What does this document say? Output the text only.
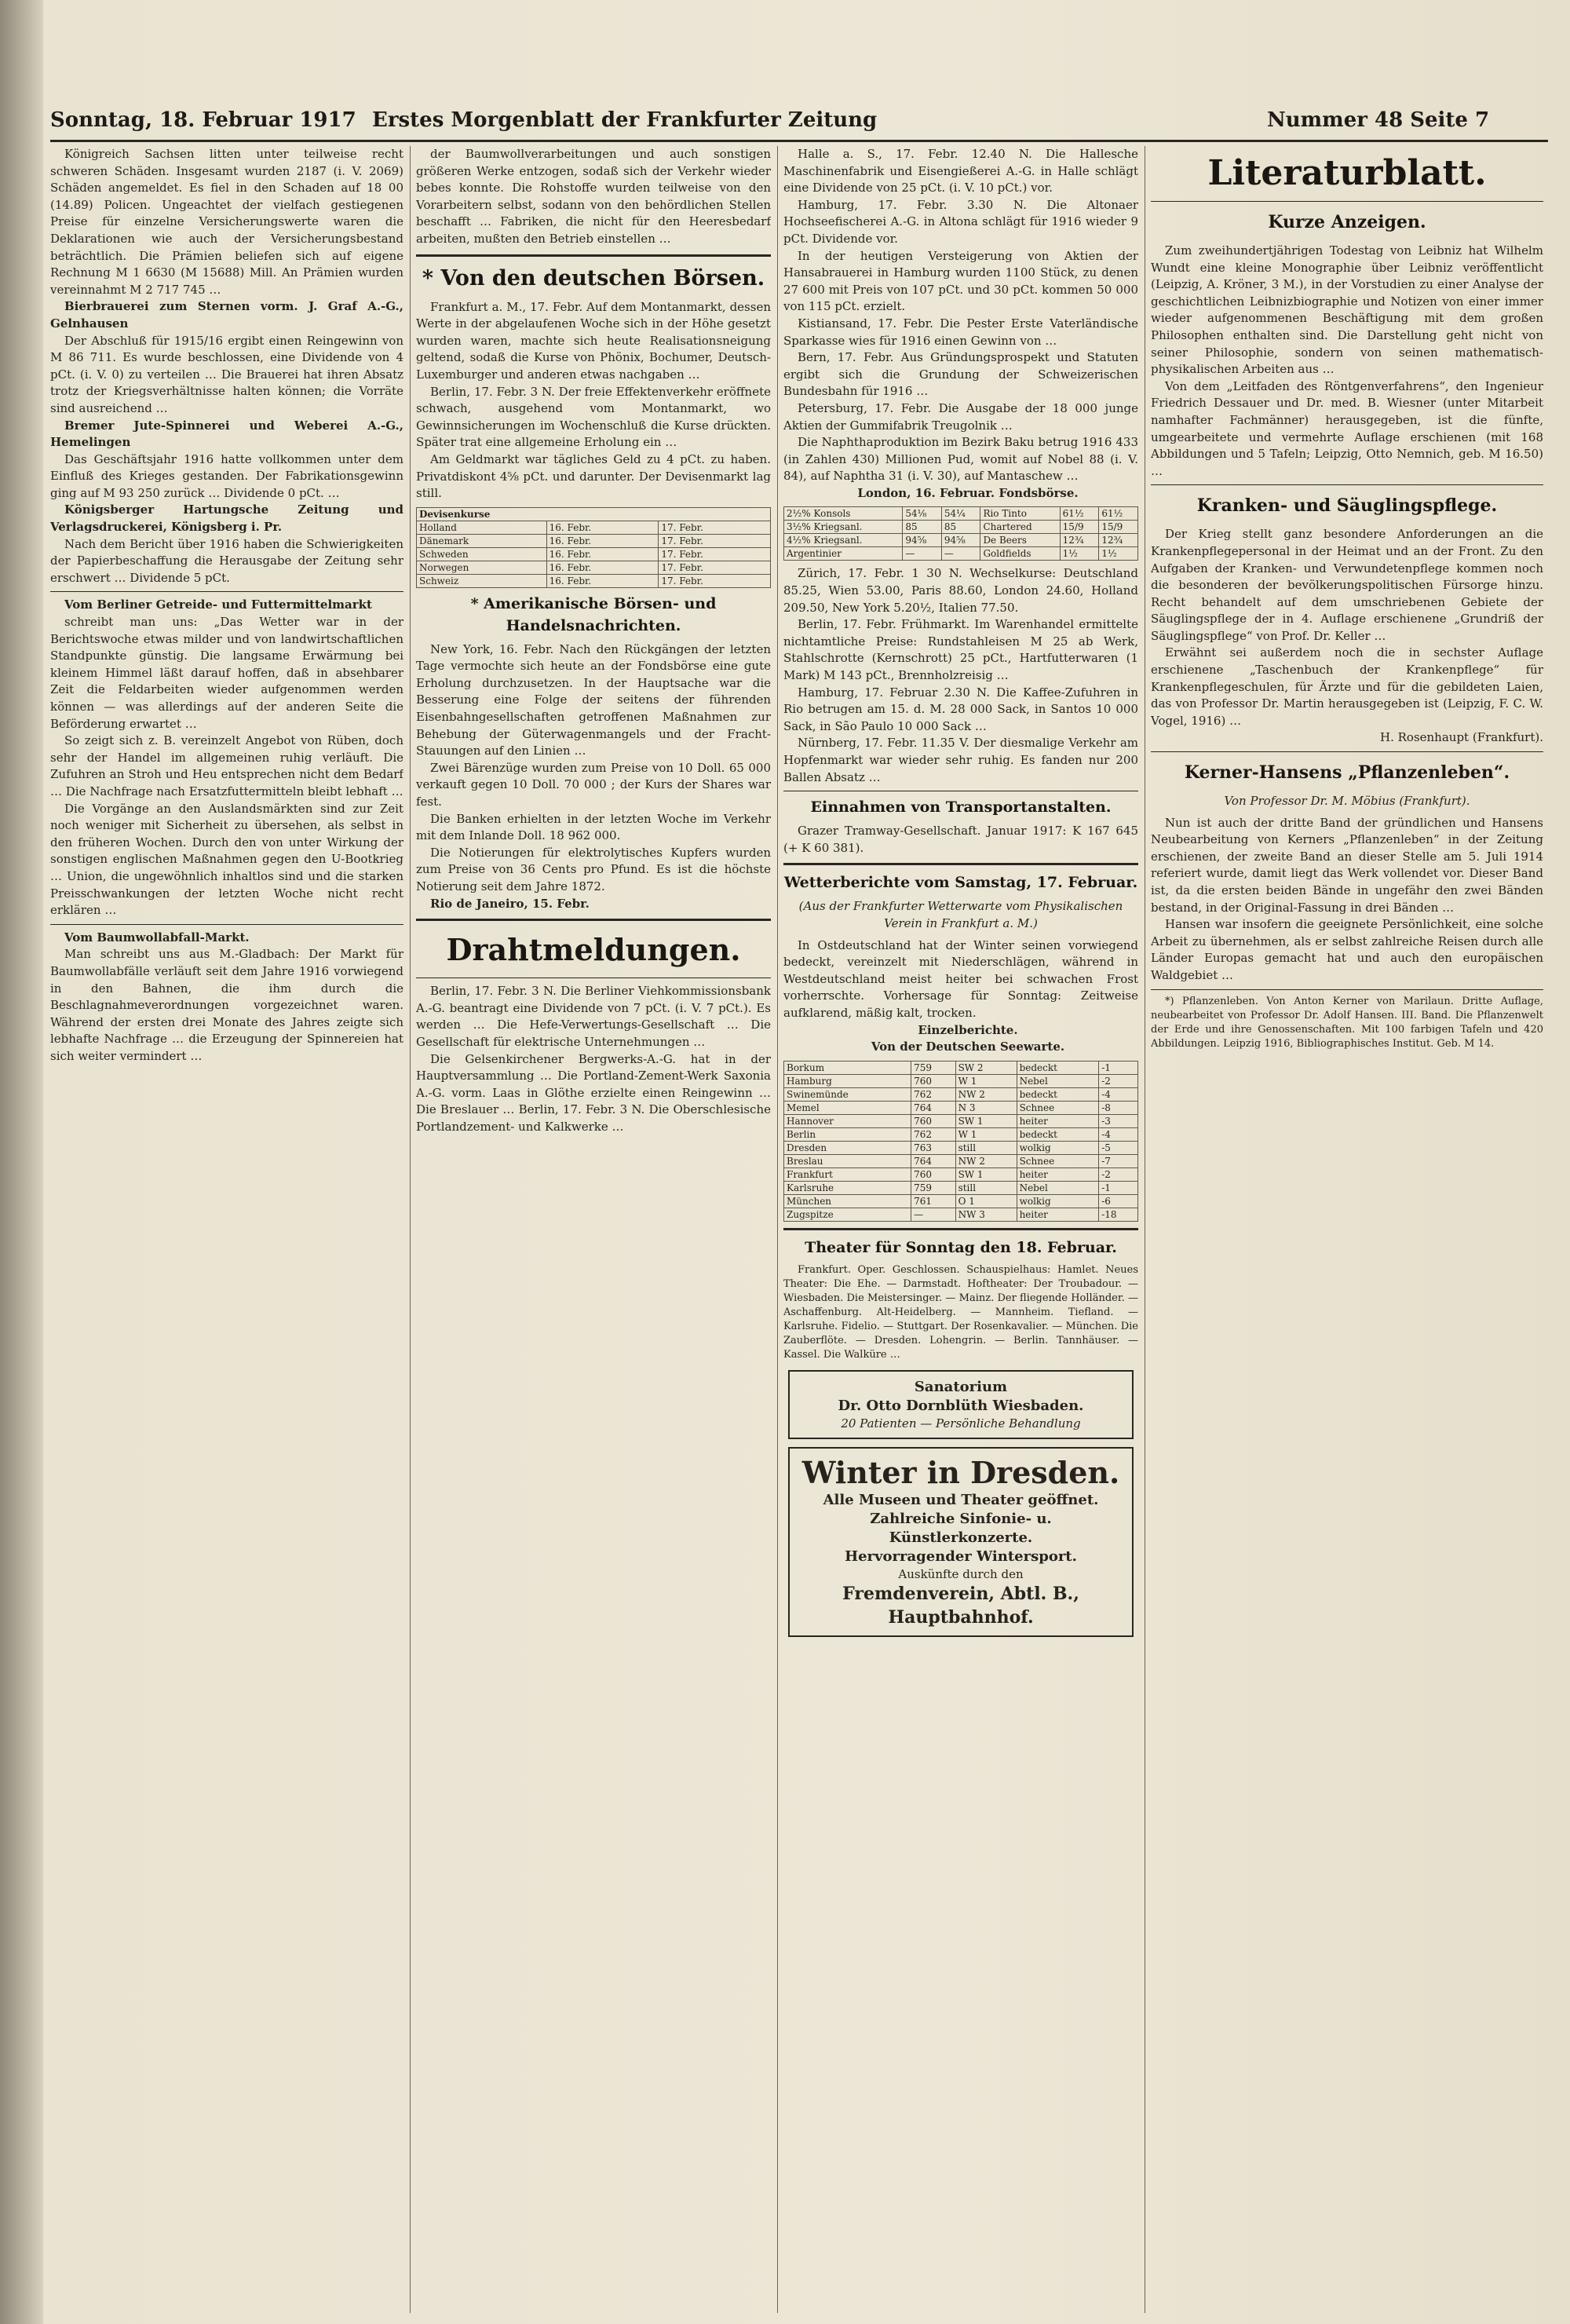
Sonntag, 18. Februar 1917 Erstes Morgenblatt der Frankfurter Zeitung	Nummer 48 Seite 7

Königreich Sachsen litten unter teilweise recht schweren Schäden. Insgesamt wurden 2187 (i. V. 2069) Schäden angemeldet. Es fiel in den Schaden auf 18 00 (14.89) Policen. Ungeachtet der vielfach gestiegenen Preise für einzelne Versicherungswerte waren die Deklarationen wie auch der Versicherungsbestand beträchtlich. Die Prämien beliefen sich auf eigene Rechnung M 1 6630 (M 15688) Mill. An Prämien wurden vereinnahmt M 2 717 745 …

Bierbrauerei zum Sternen vorm. J. Graf A.-G., Gelnhausen

Der Abschluß für 1915/16 ergibt einen Reingewinn von M 86 711. Es wurde beschlossen, eine Dividende von 4 pCt. (i. V. 0) zu verteilen … Die Brauerei hat ihren Absatz trotz der Kriegsverhältnisse halten können; die Vorräte sind ausreichend …

Bremer Jute-Spinnerei und Weberei A.-G., Hemelingen

Das Geschäftsjahr 1916 hatte vollkommen unter dem Einfluß des Krieges gestanden. Der Fabrikationsgewinn ging auf M 93 250 zurück … Dividende 0 pCt. …

Königsberger Hartungsche Zeitung und Verlagsdruckerei, Königsberg i. Pr.

Nach dem Bericht über 1916 haben die Schwierigkeiten der Papierbeschaffung die Herausgabe der Zeitung sehr erschwert … Dividende 5 pCt.

Vom Berliner Getreide- und Futtermittelmarkt

schreibt man uns: „Das Wetter war in der Berichtswoche etwas milder und von landwirtschaftlichen Standpunkte günstig. Die langsame Erwärmung bei kleinem Himmel läßt darauf hoffen, daß in absehbarer Zeit die Feldarbeiten wieder aufgenommen werden können — was allerdings auf der anderen Seite die Beförderung erwartet …

So zeigt sich z. B. vereinzelt Angebot von Rüben, doch sehr der Handel im allgemeinen ruhig verläuft. Die Zufuhren an Stroh und Heu entsprechen nicht dem Bedarf … Die Nachfrage nach Ersatzfuttermitteln bleibt lebhaft …

Die Vorgänge an den Auslandsmärkten sind zur Zeit noch weniger mit Sicherheit zu übersehen, als selbst in den früheren Wochen. Durch den von unter Wirkung der sonstigen englischen Maßnahmen gegen den U-Bootkrieg … Union, die ungewöhnlich inhaltlos sind und die starken Preisschwankungen der letzten Woche nicht recht erklären …

Vom Baumwollabfall-Markt.

Man schreibt uns aus M.-Gladbach: Der Markt für Baumwollabfälle verläuft seit dem Jahre 1916 vorwiegend in den Bahnen, die ihm durch die Beschlagnahmeverordnungen vorgezeichnet waren. Während der ersten drei Monate des Jahres zeigte sich lebhafte Nachfrage … die Erzeugung der Spinnereien hat sich weiter vermindert …

der Baumwollverarbeitungen und auch sonstigen größeren Werke entzogen, sodaß sich der Verkehr wieder bebes konnte. Die Rohstoffe wurden teilweise von den Vorarbeitern selbst, sodann von den behördlichen Stellen beschafft … Fabriken, die nicht für den Heeresbedarf arbeiten, mußten den Betrieb einstellen …

* Von den deutschen Börsen.

Frankfurt a. M., 17. Febr. Auf dem Montanmarkt, dessen Werte in der abgelaufenen Woche sich in der Höhe gesetzt wurden waren, machte sich heute Realisationsneigung geltend, sodaß die Kurse von Phönix, Bochumer, Deutsch-Luxemburger und anderen etwas nachgaben …

Berlin, 17. Febr. 3 N. Der freie Effektenverkehr eröffnete schwach, ausgehend vom Montanmarkt, wo Gewinnsicherungen im Wochenschluß die Kurse drückten. Später trat eine allgemeine Erholung ein …

Am Geldmarkt war tägliches Geld zu 4 pCt. zu haben. Privatdiskont 4⅝ pCt. und darunter. Der Devisenmarkt lag still.

Devisenkurse		
Holland	16. Febr.	17. Febr.
Dänemark	16. Febr.	17. Febr.
Schweden	16. Febr.	17. Febr.
Norwegen	16. Febr.	17. Febr.
Schweiz	16. Febr.	17. Febr.
* Amerikanische Börsen- und Handelsnachrichten.

New York, 16. Febr. Nach den Rückgängen der letzten Tage vermochte sich heute an der Fondsbörse eine gute Erholung durchzusetzen. In der Hauptsache war die Besserung eine Folge der seitens der führenden Eisenbahngesellschaften getroffenen Maßnahmen zur Behebung der Güterwagenmangels und der Fracht-Stauungen auf den Linien …

Zwei Bärenzüge wurden zum Preise von 10 Doll. 65 000 verkauft gegen 10 Doll. 70 000 ; der Kurs der Shares war fest.

Die Banken erhielten in der letzten Woche im Verkehr mit dem Inlande Doll. 18 962 000.

Die Notierungen für elektrolytisches Kupfers wurden zum Preise von 36 Cents pro Pfund. Es ist die höchste Notierung seit dem Jahre 1872.

Rio de Janeiro, 15. Febr.

Drahtmeldungen.

Berlin, 17. Febr. 3 N. Die Berliner Viehkommissionsbank A.-G. beantragt eine Dividende von 7 pCt. (i. V. 7 pCt.). Es werden … Die Hefe-Verwertungs-Gesellschaft … Die Gesellschaft für elektrische Unternehmungen …

Die Gelsenkirchener Bergwerks-A.-G. hat in der Hauptversammlung … Die Portland-Zement-Werk Saxonia A.-G. vorm. Laas in Glöthe erzielte einen Reingewinn … Die Breslauer … Berlin, 17. Febr. 3 N. Die Oberschlesische Portlandzement- und Kalkwerke …

Halle a. S., 17. Febr. 12.40 N. Die Hallesche Maschinenfabrik und Eisengießerei A.-G. in Halle schlägt eine Dividende von 25 pCt. (i. V. 10 pCt.) vor.

Hamburg, 17. Febr. 3.30 N. Die Altonaer Hochseefischerei A.-G. in Altona schlägt für 1916 wieder 9 pCt. Dividende vor.

In der heutigen Versteigerung von Aktien der Hansabrauerei in Hamburg wurden 1100 Stück, zu denen 27 600 mit Preis von 107 pCt. und 30 pCt. kommen 50 000 von 115 pCt. erzielt.

Kistiansand, 17. Febr. Die Pester Erste Vaterländische Sparkasse wies für 1916 einen Gewinn von …

Bern, 17. Febr. Aus Gründungsprospekt und Statuten ergibt sich die Grundung der Schweizerischen Bundesbahn für 1916 …

Petersburg, 17. Febr. Die Ausgabe der 18 000 junge Aktien der Gummifabrik Treugolnik …

Die Naphthaproduktion im Bezirk Baku betrug 1916 433 (in Zahlen 430) Millionen Pud, womit auf Nobel 88 (i. V. 84), auf Naphtha 31 (i. V. 30), auf Mantaschew …

London, 16. Februar. Fondsbörse.

2½% Konsols	54⅛	54¼	Rio Tinto	61½	61½
3½% Kriegsanl.	85	85	Chartered	15/9	15/9
4½% Kriegsanl.	94⅝	94⅝	De Beers	12¾	12¾
Argentinier	—	—	Goldfields	1½	1½

Zürich, 17. Febr. 1 30 N. Wechselkurse: Deutschland 85.25, Wien 53.00, Paris 88.60, London 24.60, Holland 209.50, New York 5.20½, Italien 77.50.

Berlin, 17. Febr. Frühmarkt. Im Warenhandel ermittelte nichtamtliche Preise: Rundstahleisen M 25 ab Werk, Stahlschrotte (Kernschrott) 25 pCt., Hartfutterwaren (1 Mark) M 143 pCt., Brennholzreisig …

Hamburg, 17. Februar 2.30 N. Die Kaffee-Zufuhren in Rio betrugen am 15. d. M. 28 000 Sack, in Santos 10 000 Sack, in São Paulo 10 000 Sack …

Nürnberg, 17. Febr. 11.35 V. Der diesmalige Verkehr am Hopfenmarkt war wieder sehr ruhig. Es fanden nur 200 Ballen Absatz …

Einnahmen von Transportanstalten.

Grazer Tramway-Gesellschaft. Januar 1917: K 167 645 (+ K 60 381).

Wetterberichte vom Samstag, 17. Februar.
(Aus der Frankfurter Wetterwarte vom Physikalischen Verein in Frankfurt a. M.)

In Ostdeutschland hat der Winter seinen vorwiegend bedeckt, vereinzelt mit Niederschlägen, während in Westdeutschland meist heiter bei schwachen Frost vorherrschte. Vorhersage für Sonntag: Zeitweise aufklarend, mäßig kalt, trocken.

Einzelberichte.

Von der Deutschen Seewarte.

Borkum	759	SW 2	bedeckt	-1
Hamburg	760	W 1	Nebel	-2
Swinemünde	762	NW 2	bedeckt	-4
Memel	764	N 3	Schnee	-8
Hannover	760	SW 1	heiter	-3
Berlin	762	W 1	bedeckt	-4
Dresden	763	still	wolkig	-5
Breslau	764	NW 2	Schnee	-7
Frankfurt	760	SW 1	heiter	-2
Karlsruhe	759	still	Nebel	-1
München	761	O 1	wolkig	-6
Zugspitze	—	NW 3	heiter	-18
Theater für Sonntag den 18. Februar.

Frankfurt. Oper. Geschlossen. Schauspielhaus: Hamlet. Neues Theater: Die Ehe. — Darmstadt. Hoftheater: Der Troubadour. — Wiesbaden. Die Meistersinger. — Mainz. Der fliegende Holländer. — Aschaffenburg. Alt-Heidelberg. — Mannheim. Tiefland. — Karlsruhe. Fidelio. — Stuttgart. Der Rosenkavalier. — München. Die Zauberflöte. — Dresden. Lohengrin. — Berlin. Tannhäuser. — Kassel. Die Walküre …

Sanatorium
Dr. Otto Dornblüth Wiesbaden.
20 Patienten — Persönliche Behandlung
Winter in Dresden.
Alle Museen und Theater geöffnet.
Zahlreiche Sinfonie- u. Künstlerkonzerte.
Hervorragender Wintersport.
Auskünfte durch den
Fremdenverein, Abtl. B.,
Hauptbahnhof.
Literaturblatt.
Kurze Anzeigen.

Zum zweihundertjährigen Todestag von Leibniz hat Wilhelm Wundt eine kleine Monographie über Leibniz veröffentlicht (Leipzig, A. Kröner, 3 M.), in der Vorstudien zu einer Analyse der geschichtlichen Leibnizbiographie und Notizen von einer immer wieder aufgenommenen Beschäftigung mit dem großen Philosophen enthalten sind. Die Darstellung geht nicht von seiner Philosophie, sondern von seinen mathematisch-physikalischen Arbeiten aus …

Von dem „Leitfaden des Röntgenverfahrens“, den Ingenieur Friedrich Dessauer und Dr. med. B. Wiesner (unter Mitarbeit namhafter Fachmänner) herausgegeben, ist die fünfte, umgearbeitete und vermehrte Auflage erschienen (mit 168 Abbildungen und 5 Tafeln; Leipzig, Otto Nemnich, geb. M 16.50) …

Kranken- und Säuglingspflege.

Der Krieg stellt ganz besondere Anforderungen an die Krankenpflegepersonal in der Heimat und an der Front. Zu den Aufgaben der Kranken- und Verwundetenpflege kommen noch die besonderen der bevölkerungspolitischen Fürsorge hinzu. Recht behandelt auf dem umschriebenen Gebiete der Säuglingspflege der in 4. Auflage erschienene „Grundriß der Säuglingspflege“ von Prof. Dr. Keller …

Erwähnt sei außerdem noch die in sechster Auflage erschienene „Taschenbuch der Krankenpflege“ für Krankenpflegeschulen, für Ärzte und für die gebildeten Laien, das von Professor Dr. Martin herausgegeben ist (Leipzig, F. C. W. Vogel, 1916) …

H. Rosenhaupt (Frankfurt).

Kerner-Hansens „Pflanzenleben“.
Von Professor Dr. M. Möbius (Frankfurt).

Nun ist auch der dritte Band der gründlichen und Hansens Neubearbeitung von Kerners „Pflanzenleben“ in der Zeitung erschienen, der zweite Band an dieser Stelle am 5. Juli 1914 referiert wurde, damit liegt das Werk vollendet vor. Dieser Band ist, da die ersten beiden Bände in ungefähr den zwei Bänden bestand, in der Original-Fassung in drei Bänden …

Hansen war insofern die geeignete Persönlichkeit, eine solche Arbeit zu übernehmen, als er selbst zahlreiche Reisen durch alle Länder Europas gemacht hat und auch den europäischen Waldgebiet …

*) Pflanzenleben. Von Anton Kerner von Marilaun. Dritte Auflage, neubearbeitet von Professor Dr. Adolf Hansen. III. Band. Die Pflanzenwelt der Erde und ihre Genossenschaften. Mit 100 farbigen Tafeln und 420 Abbildungen. Leipzig 1916, Bibliographisches Institut. Geb. M 14.
